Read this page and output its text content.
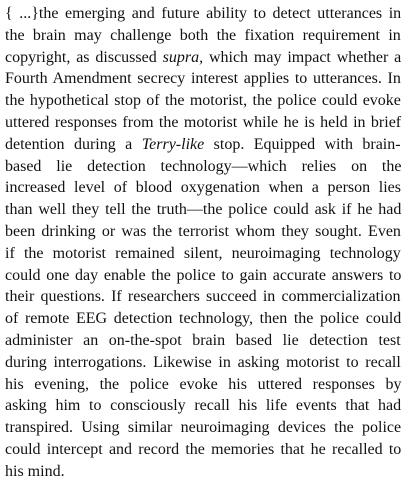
{ ...}the emerging and future ability to detect utterances in
the brain may challenge both the fixation requirement in
copyright, as discussed supra, which may impact whether a
Fourth Amendment secrecy interest applies to utterances. In
the hypothetical stop of the motorist, the police could evoke
uttered responses from the motorist while he is held in brief
detention during a Terry-like stop. Equipped with brain-
based lie detection technology—which relies on the
increased level of blood oxygenation when a person lies
than well they tell the truth—the police could ask if he had
been drinking or was the terrorist whom they sought. Even
if the motorist remained silent, neuroimaging technology
could one day enable the police to gain accurate answers to
their questions. If researchers succeed in commercialization
of remote EEG detection technology, then the police could
administer an on-the-spot brain based lie detection test
during interrogations. Likewise in asking motorist to recall
his evening, the police evoke his uttered responses by
asking him to consciously recall his life events that had
transpired. Using similar neuroimaging devices the police
could intercept and record the memories that he recalled to
his mind.
